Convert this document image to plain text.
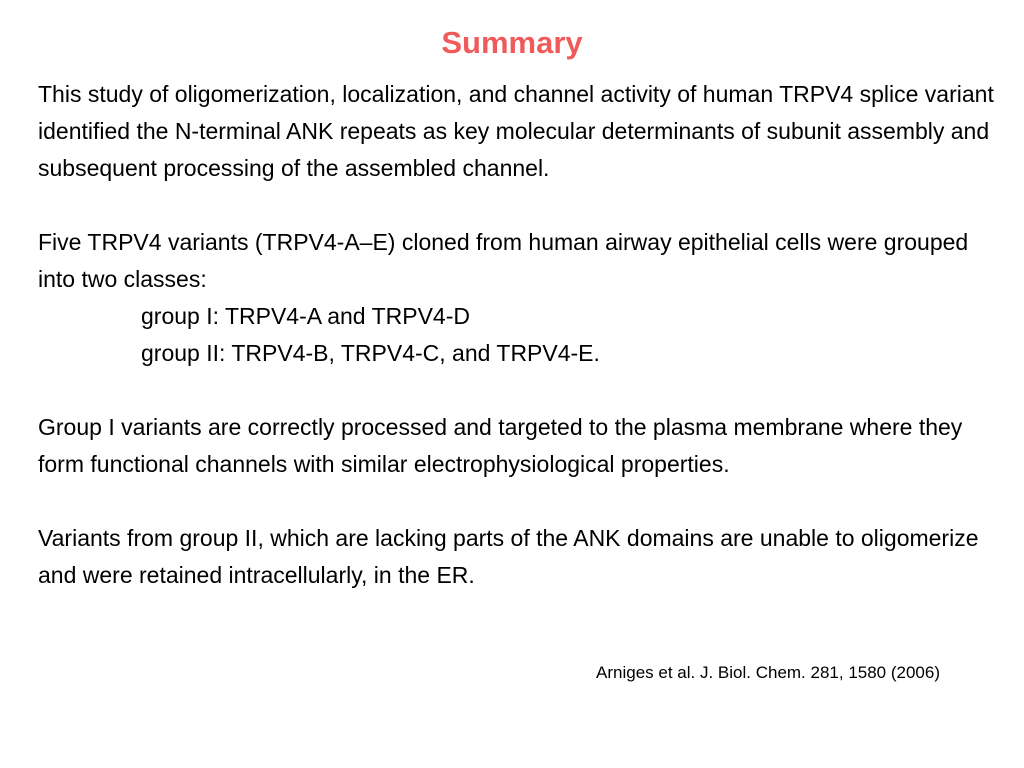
Summary

This study of oligomerization, localization, and channel activity of human TRPV4 splice variant identified the N-terminal ANK repeats as key molecular determinants of subunit assembly and subsequent processing of the assembled channel.

Five TRPV4 variants (TRPV4-A–E) cloned from human airway epithelial cells were grouped into two classes:
group I: TRPV4-A and TRPV4-D
group II: TRPV4-B, TRPV4-C, and TRPV4-E.

Group I variants are correctly processed and targeted to the plasma membrane where they form functional channels with similar electrophysiological properties.

Variants from group II, which are lacking parts of the ANK domains are unable to oligomerize and were retained intracellularly, in the ER.

Arniges et al. J. Biol. Chem. 281, 1580 (2006)
